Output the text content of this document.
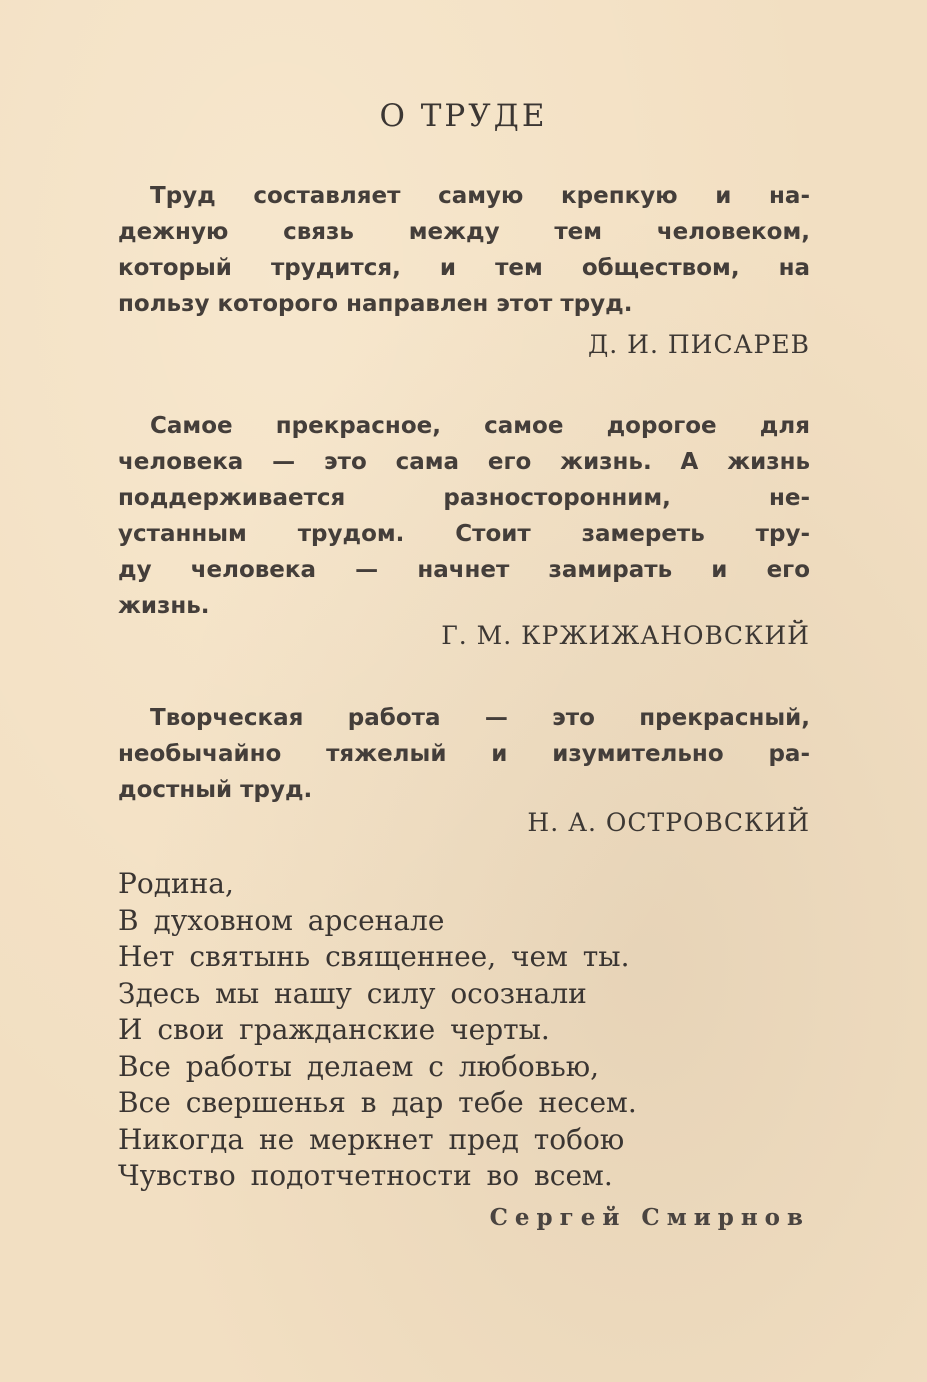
О ТРУДЕ
Труд составляет самую крепкую и на-
дежную связь между тем человеком,
который трудится, и тем обществом, на
пользу которого направлен этот труд.
Д. И. ПИСАРЕВ
Самое прекрасное, самое дорогое для
человека — это сама его жизнь. А жизнь
поддерживается разносторонним, не-
устанным трудом. Стоит замереть тру-
ду человека — начнет замирать и его
жизнь.
Г. М. КРЖИЖАНОВСКИЙ
Творческая работа — это прекрасный,
необычайно тяжелый и изумительно ра-
достный труд.
Н. А. ОСТРОВСКИЙ
Родина,
В духовном арсенале
Нет святынь священнее, чем ты.
Здесь мы нашу силу осознали
И свои гражданские черты.
Все работы делаем с любовью,
Все свершенья в дар тебе несем.
Никогда не меркнет пред тобою
Чувство подотчетности во всем.
Сергей Смирнов
